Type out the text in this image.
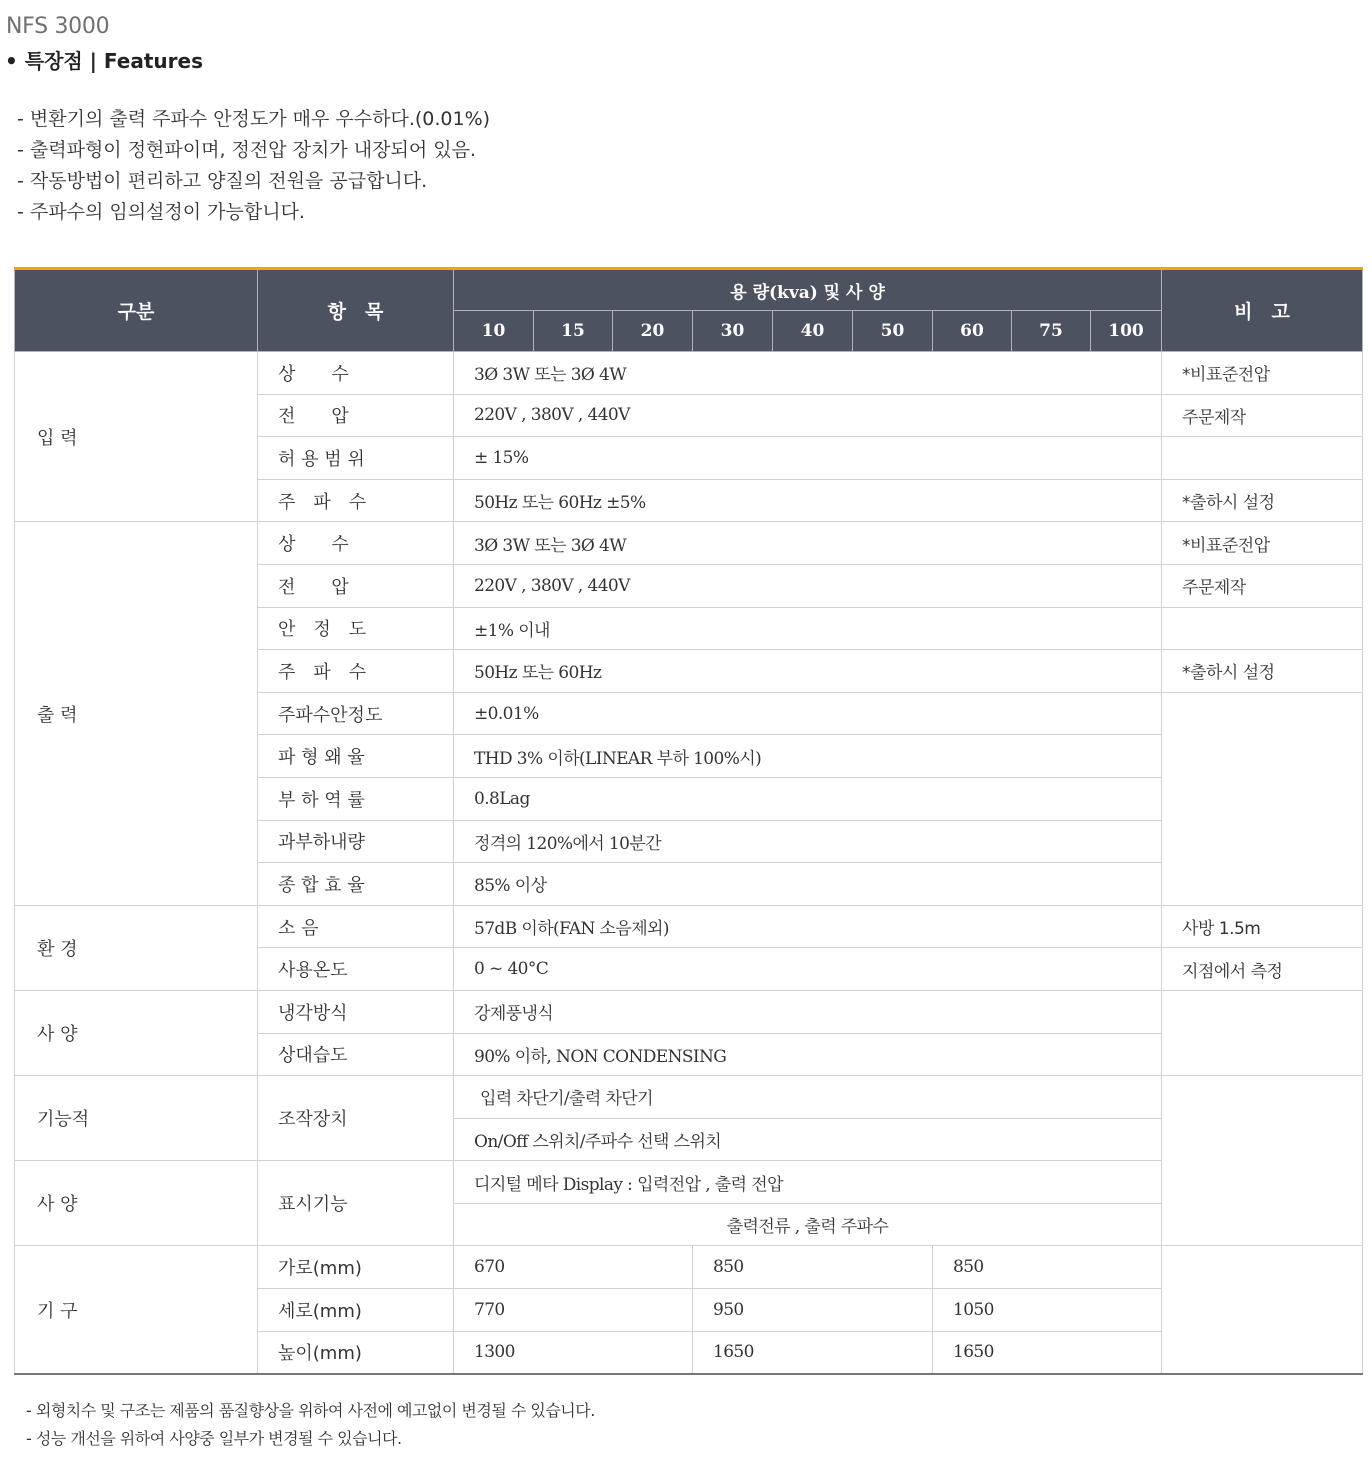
NFS 3000
• 특장점 | Features
- 변환기의 출력 주파수 안정도가 매우 우수하다.(0.01%)
- 출력파형이 정현파이며, 정전압 장치가 내장되어 있음.
- 작동방법이 편리하고 양질의 전원을 공급합니다.
- 주파수의 임의설정이 가능합니다.
구분	항　목	용 량(kva) 및 사 양									비　고
		10	15	20	30	40	50	60	75	100	
입 력	상　　수	3Ø 3W 또는 3Ø 4W									*비표준전압
	전　　압	220V , 380V , 440V									주문제작
	허 용 범 위	± 15%									
	주　파　수	50Hz 또는 60Hz ±5%									*출하시 설정
출 력	상　　수	3Ø 3W 또는 3Ø 4W									*비표준전압
	전　　압	220V , 380V , 440V									주문제작
	안　정　도	±1% 이내									
	주　파　수	50Hz 또는 60Hz									*출하시 설정
	주파수안정도	±0.01%									
	파 형 왜 율	THD 3% 이하(LINEAR 부하 100%시)									
	부 하 역 률	0.8Lag									
	과부하내량	정격의 120%에서 10분간									
	종 합 효 율	85% 이상									
환 경	소 음	57dB 이하(FAN 소음제외)									사방 1.5m
	사용온도	0 ~ 40°C									지점에서 측정
사 양	냉각방식	강제풍냉식									
	상대습도	90% 이하, NON CONDENSING									
기능적	조작장치	입력 차단기/출력 차단기									
		On/Off 스위치/주파수 선택 스위치									
사 양	표시기능	디지털 메타 Display : 입력전압 , 출력 전압									
		출력전류 , 출력 주파수									
기 구	가로(mm)	670			850			850			
	세로(mm)	770			950			1050			
	높이(mm)	1300			1650			1650			
- 외형치수 및 구조는 제품의 품질향상을 위하여 사전에 예고없이 변경될 수 있습니다.
- 성능 개선을 위하여 사양중 일부가 변경될 수 있습니다.
